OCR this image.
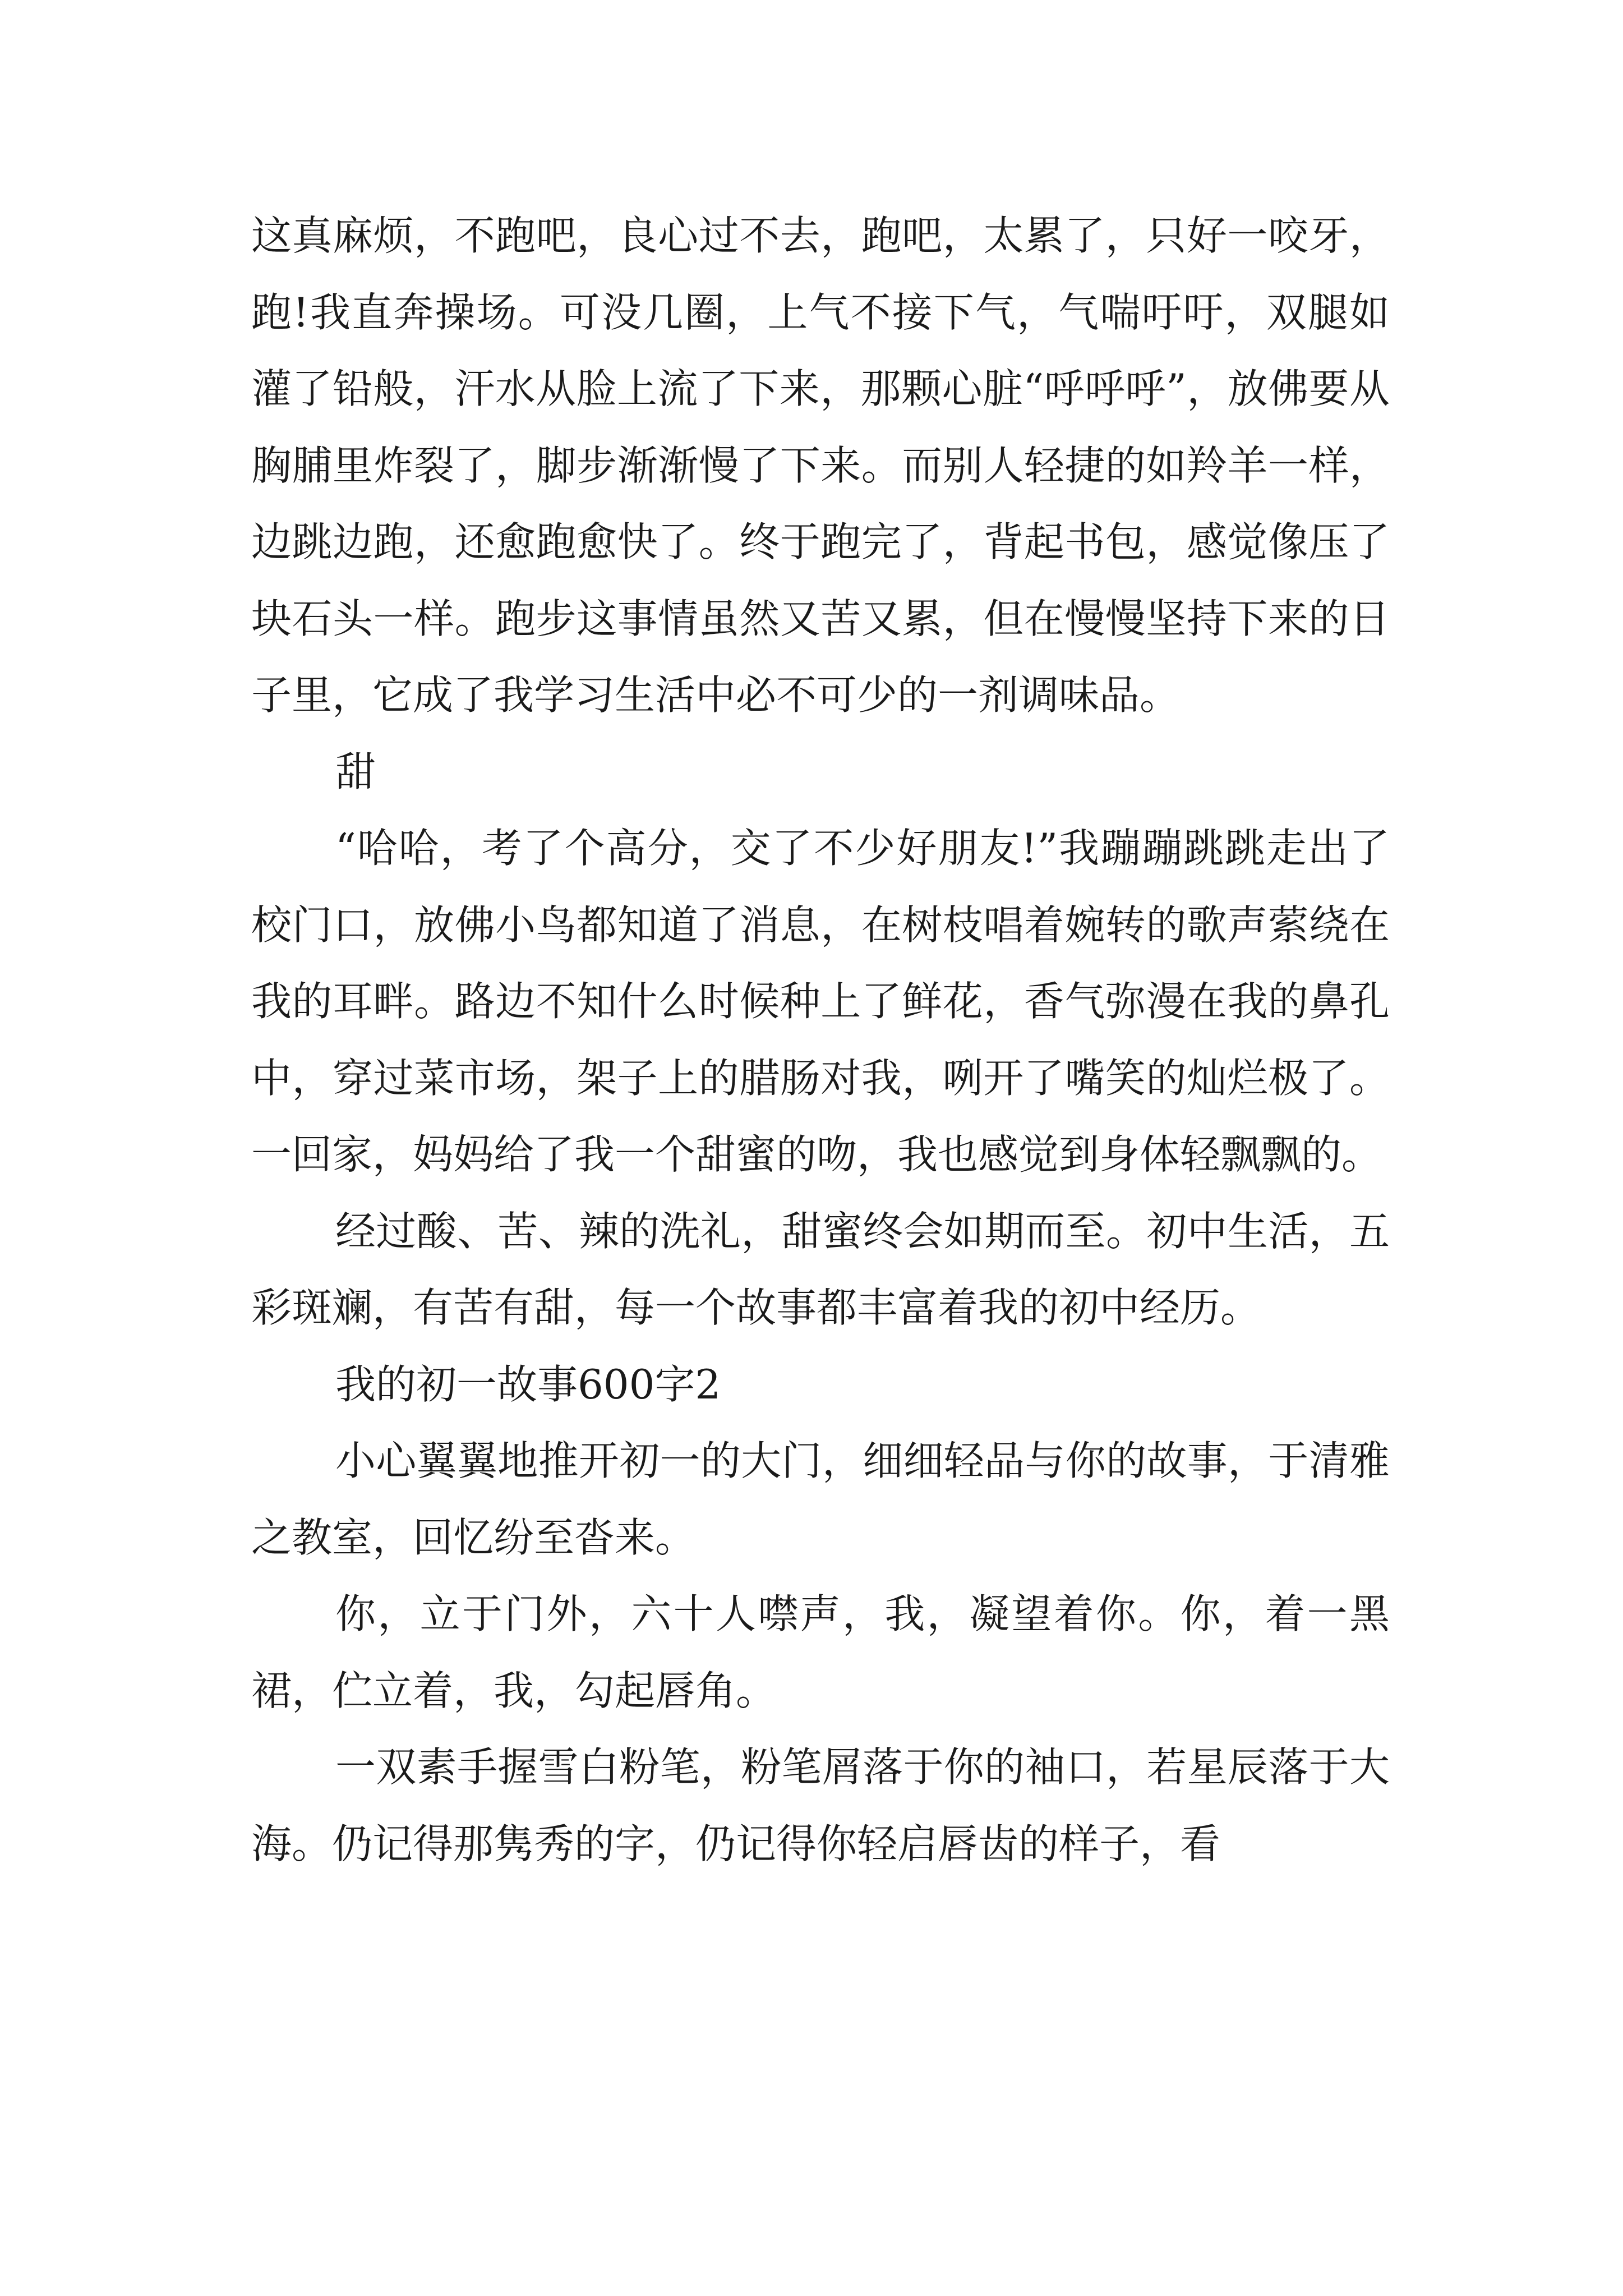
这真麻烦，不跑吧，良心过不去，跑吧，太累了，只好一咬牙，跑!我直奔操场。可没几圈，上气不接下气，气喘吁吁，双腿如灌了铅般，汗水从脸上流了下来，那颗心脏“呼呼呼”，放佛要从胸脯里炸裂了，脚步渐渐慢了下来。而别人轻捷的如羚羊一样，边跳边跑，还愈跑愈快了。终于跑完了，背起书包，感觉像压了块石头一样。跑步这事情虽然又苦又累，但在慢慢坚持下来的日子里，它成了我学习生活中必不可少的一剂调味品。

甜

“哈哈，考了个高分，交了不少好朋友!”我蹦蹦跳跳走出了校门口，放佛小鸟都知道了消息，在树枝唱着婉转的歌声萦绕在我的耳畔。路边不知什么时候种上了鲜花，香气弥漫在我的鼻孔中，穿过菜市场，架子上的腊肠对我，咧开了嘴笑的灿烂极了。一回家，妈妈给了我一个甜蜜的吻，我也感觉到身体轻飘飘的。

经过酸、苦、辣的洗礼，甜蜜终会如期而至。初中生活，五彩斑斓，有苦有甜，每一个故事都丰富着我的初中经历。

我的初一故事600字2

小心翼翼地推开初一的大门，细细轻品与你的故事，于清雅之教室，回忆纷至沓来。

你，立于门外，六十人噤声，我，凝望着你。你，着一黑裙，伫立着，我，勾起唇角。

一双素手握雪白粉笔，粉笔屑落于你的袖口，若星辰落于大海。仍记得那隽秀的字，仍记得你轻启唇齿的样子，看
